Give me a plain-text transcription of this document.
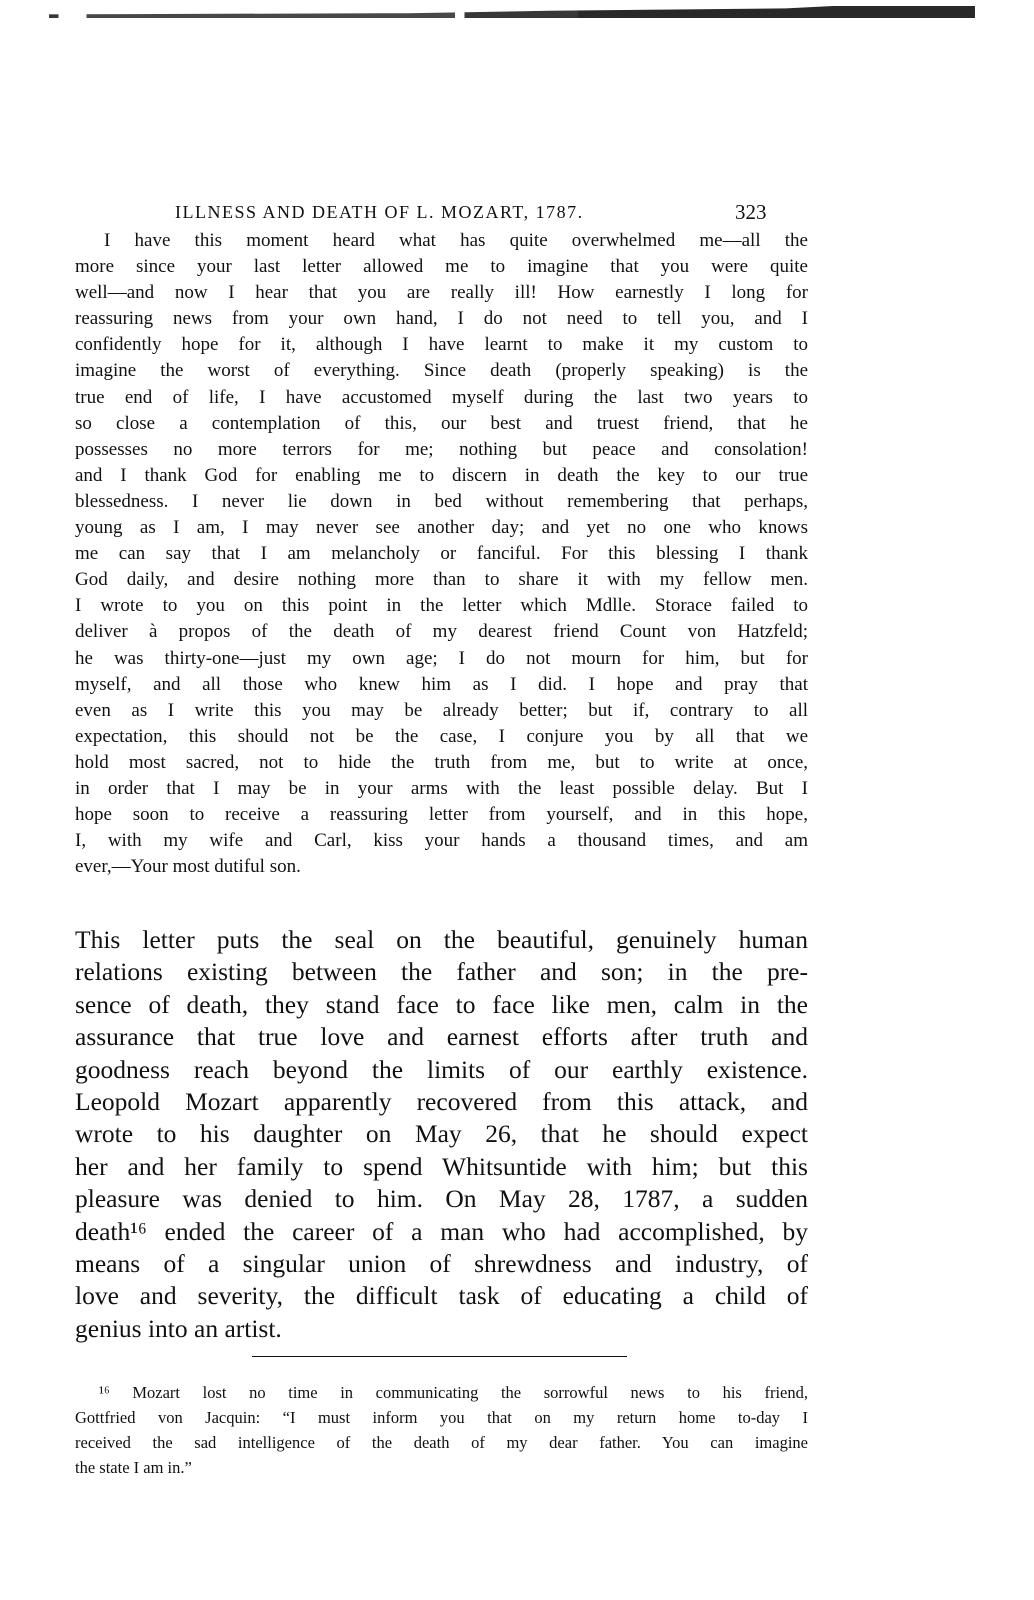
ILLNESS AND DEATH OF L. MOZART, 1787.	323
I have this moment heard what has quite overwhelmed me—all the
more since your last letter allowed me to imagine that you were quite
well—and now I hear that you are really ill! How earnestly I long for
reassuring news from your own hand, I do not need to tell you, and I
confidently hope for it, although I have learnt to make it my custom to
imagine the worst of everything. Since death (properly speaking) is the
true end of life, I have accustomed myself during the last two years to
so close a contemplation of this, our best and truest friend, that he
possesses no more terrors for me; nothing but peace and consolation!
and I thank God for enabling me to discern in death the key to our true
blessedness. I never lie down in bed without remembering that perhaps,
young as I am, I may never see another day; and yet no one who knows
me can say that I am melancholy or fanciful. For this blessing I thank
God daily, and desire nothing more than to share it with my fellow men.
I wrote to you on this point in the letter which Mdlle. Storace failed to
deliver à propos of the death of my dearest friend Count von Hatzfeld;
he was thirty-one—just my own age; I do not mourn for him, but for
myself, and all those who knew him as I did. I hope and pray that
even as I write this you may be already better; but if, contrary to all
expectation, this should not be the case, I conjure you by all that we
hold most sacred, not to hide the truth from me, but to write at once,
in order that I may be in your arms with the least possible delay. But I
hope soon to receive a reassuring letter from yourself, and in this hope,
I, with my wife and Carl, kiss your hands a thousand times, and am
ever,—Your most dutiful son.
This letter puts the seal on the beautiful, genuinely human
relations existing between the father and son; in the pre-
sence of death, they stand face to face like men, calm in the
assurance that true love and earnest efforts after truth and
goodness reach beyond the limits of our earthly existence.
Leopold Mozart apparently recovered from this attack, and
wrote to his daughter on May 26, that he should expect
her and her family to spend Whitsuntide with him; but this
pleasure was denied to him. On May 28, 1787, a sudden
death¹⁶ ended the career of a man who had accomplished, by
means of a singular union of shrewdness and industry, of
love and severity, the difficult task of educating a child of
genius into an artist.
¹⁶ Mozart lost no time in communicating the sorrowful news to his friend,
Gottfried von Jacquin: “I must inform you that on my return home to-day I
received the sad intelligence of the death of my dear father. You can imagine
the state I am in.”
